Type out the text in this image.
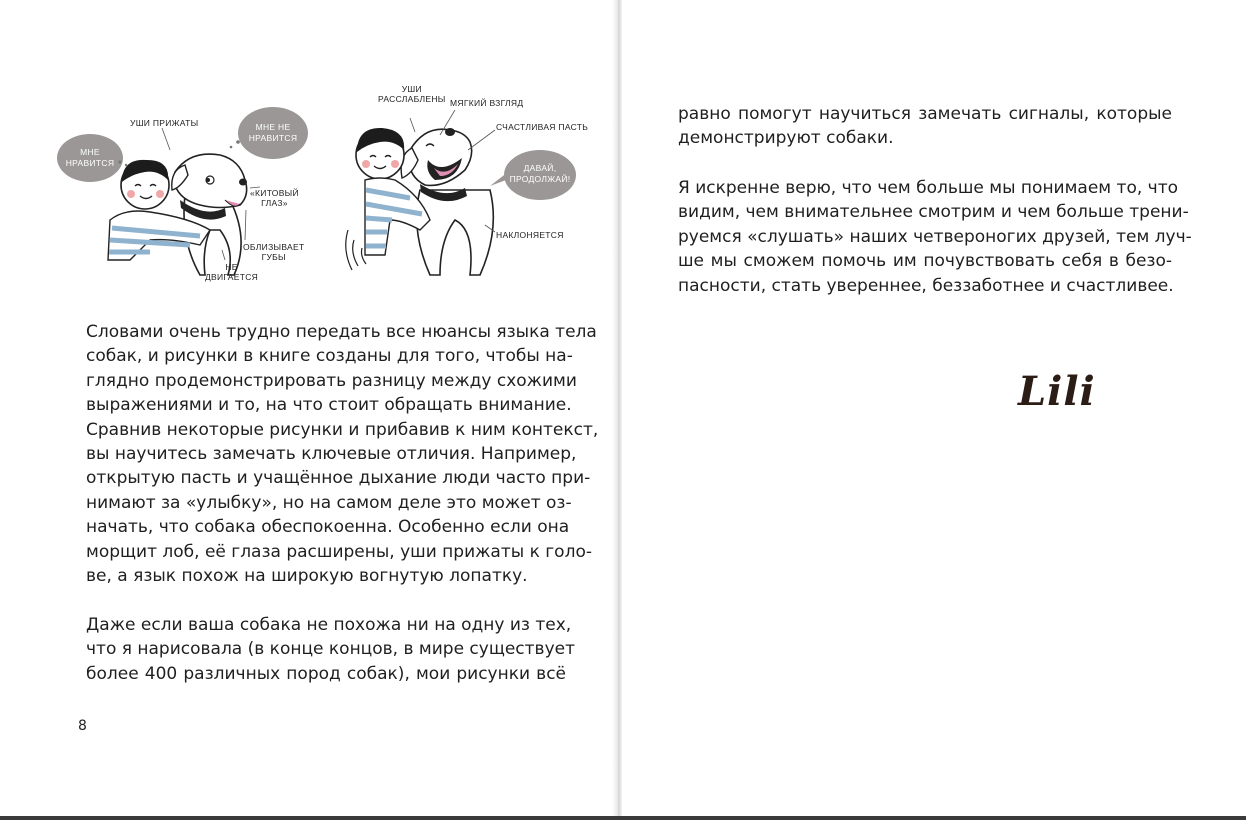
МНЕ
НРАВИТСЯ
МНЕ НЕ
НРАВИТСЯ
УШИ ПРИЖАТЫ
«КИТОВЫЙ
ГЛАЗ»
ОБЛИЗЫВАЕТ
ГУБЫ
НЕ
ДВИГАЕТСЯ
ДАВАЙ,
ПРОДОЛЖАЙ!
УШИ
РАССЛАБЛЕНЫ МЯГКИЙ ВЗГЛЯД
СЧАСТЛИВАЯ ПАСТЬ
НАКЛОНЯЕТСЯ

Словами очень трудно передать все нюансы языка тела
собак, и рисунки в книге созданы для того, чтобы на-
глядно продемонстрировать разницу между схожими
выражениями и то, на что стоит обращать внимание.
Сравнив некоторые рисунки и прибавив к ним контекст,
вы научитесь замечать ключевые отличия. Например,
открытую пасть и учащённое дыхание люди часто при-
нимают за «улыбку», но на самом деле это может оз-
начать, что собака обеспокоенна. Особенно если она
морщит лоб, её глаза расширены, уши прижаты к голо-
ве, а язык похож на широкую вогнутую лопатку.

Даже если ваша собака не похожа ни на одну из тех,
что я нарисовала (в конце концов, в мире существует
более 400 различных пород собак), мои рисунки всё

8

равно помогут научиться замечать сигналы, которые
демонстрируют собаки.

Я искренне верю, что чем больше мы понимаем то, что
видим, чем внимательнее смотрим и чем больше трени-
руемся «слушать» наших четвероногих друзей, тем луч-
ше мы сможем помочь им почувствовать себя в безо-
пасности, стать увереннее, беззаботнее и счастливее.

Lili
